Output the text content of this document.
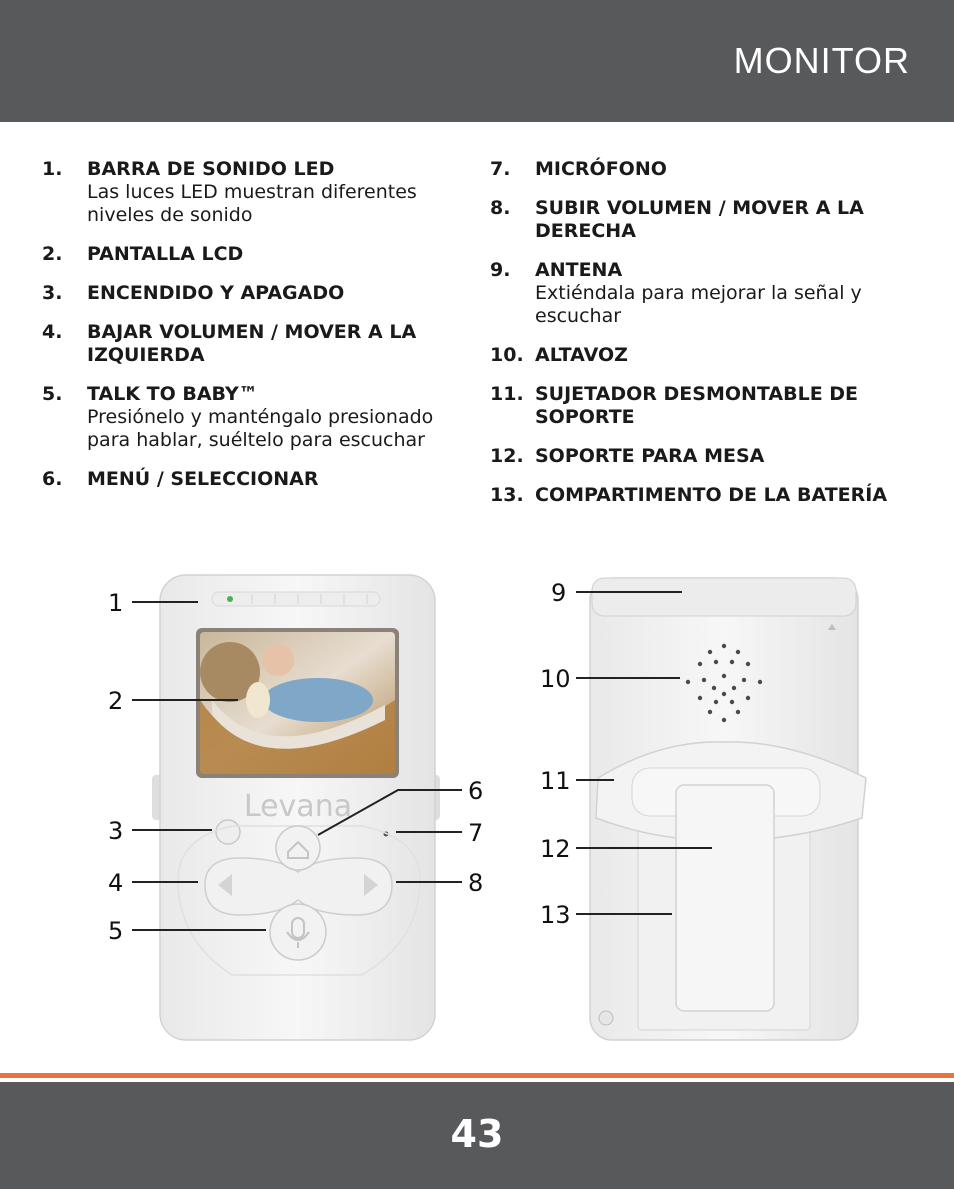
MONITOR
1.	BARRA DE SONIDO LED
Las luces LED muestran diferentes niveles de sonido
2.	PANTALLA LCD
3.	ENCENDIDO Y APAGADO
4.	BAJAR VOLUMEN / MOVER A LA IZQUIERDA
5.	TALK TO BABY™
Presiónelo y manténgalo presionado para hablar, suéltelo para escuchar
6.	MENÚ / SELECCIONAR
7.	MICRÓFONO
8.	SUBIR VOLUMEN / MOVER A LA DERECHA
9.	ANTENA
Extiéndala para mejorar la señal y escuchar
10. ALTAVOZ
11. SUJETADOR DESMONTABLE DE SOPORTE
12. SOPORTE PARA MESA
13. COMPARTIMENTO DE LA BATERÍA
Levana
1
2
3
4
5
6
7
8
9
10
11
12
13
43
